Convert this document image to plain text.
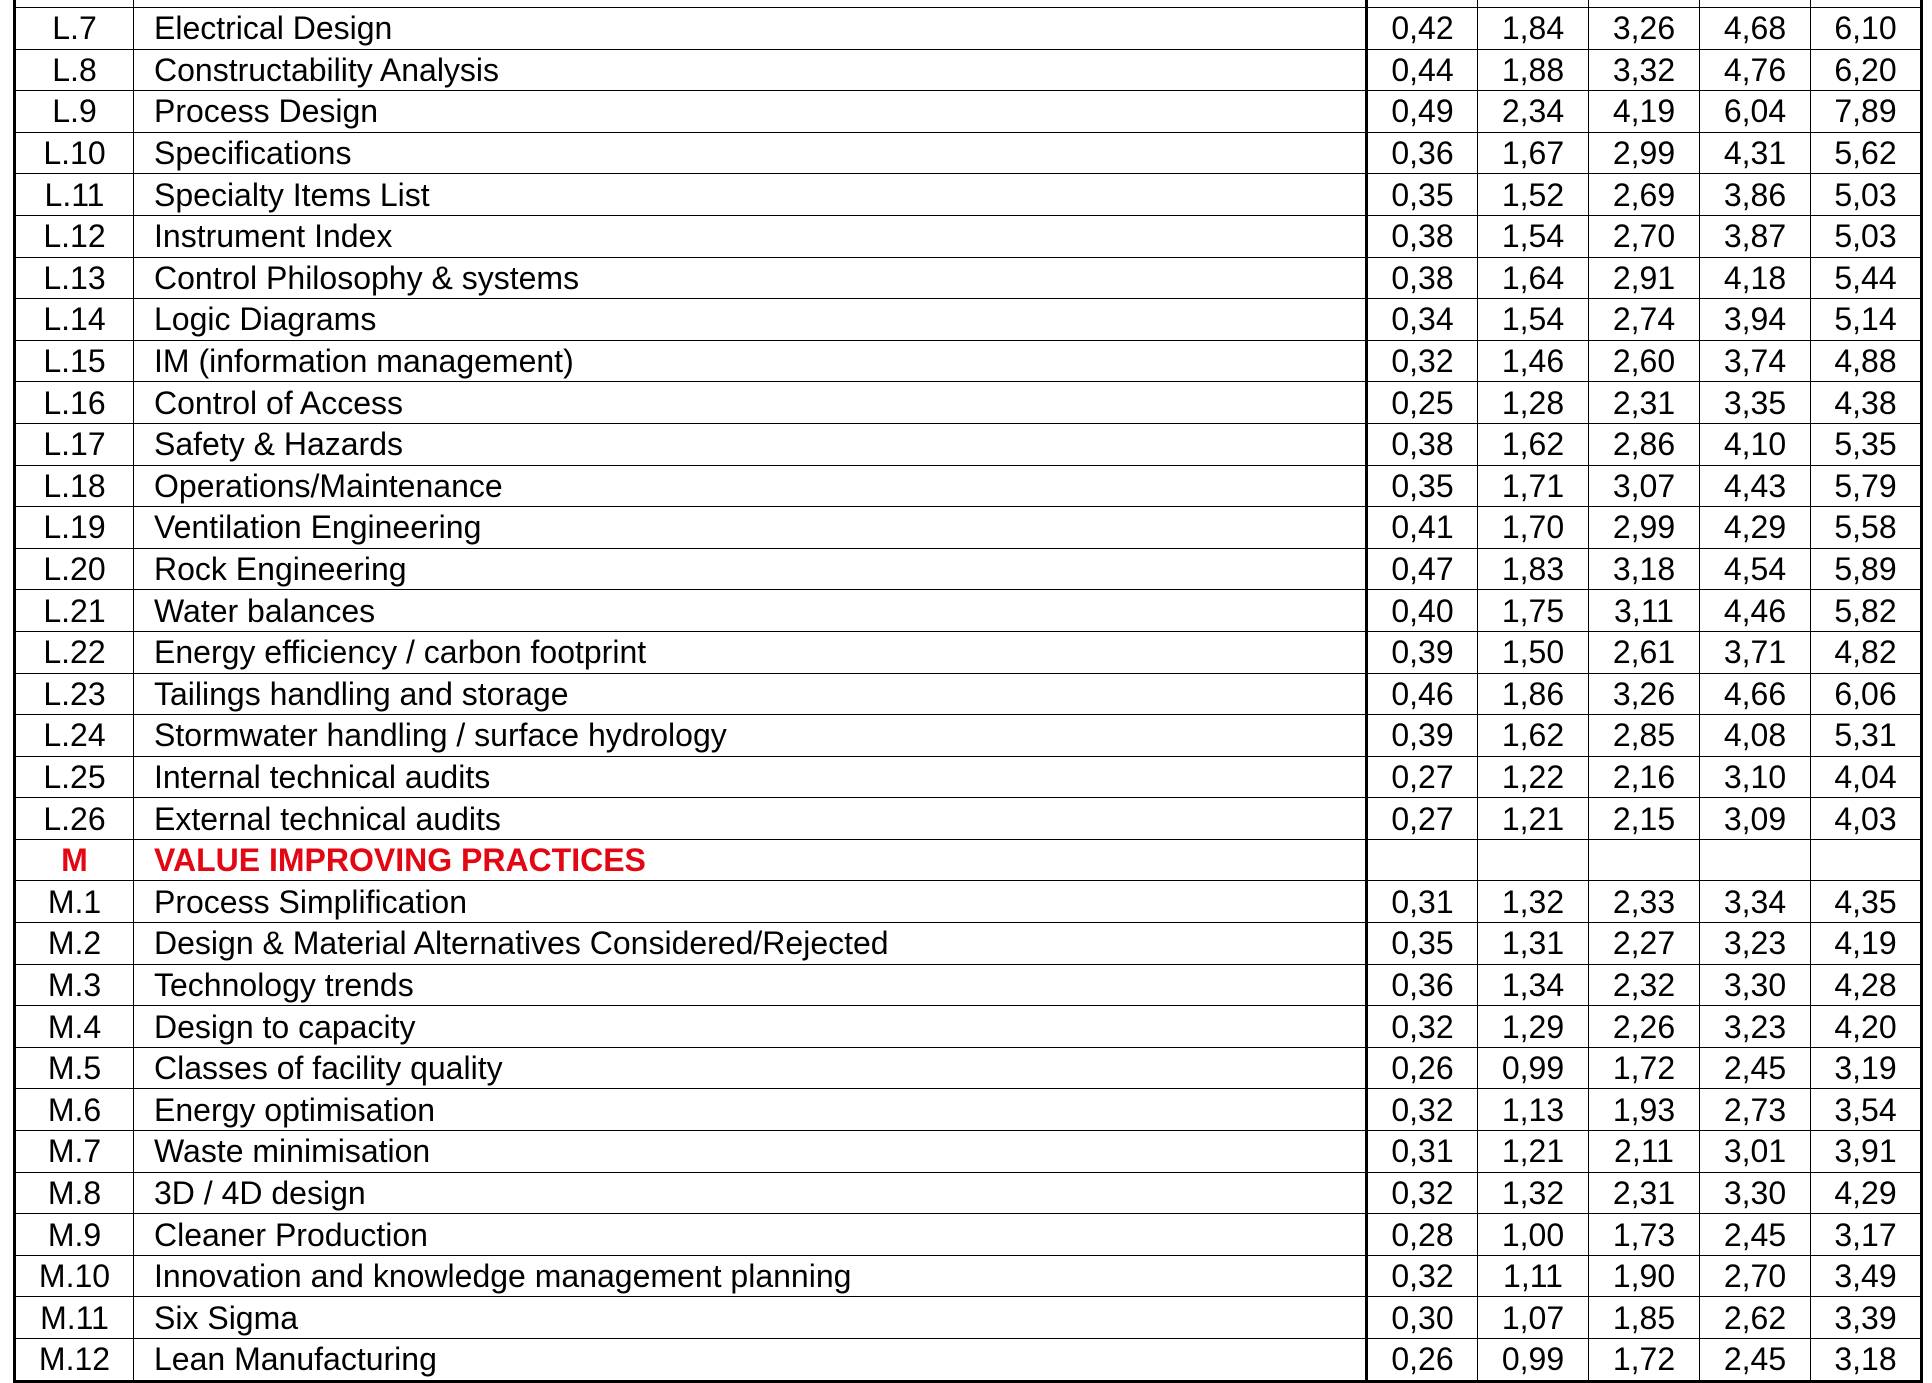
L.7	Electrical Design	0,42	1,84	3,26	4,68	6,10
L.8	Constructability Analysis	0,44	1,88	3,32	4,76	6,20
L.9	Process Design	0,49	2,34	4,19	6,04	7,89
L.10	Specifications	0,36	1,67	2,99	4,31	5,62
L.11	Specialty Items List	0,35	1,52	2,69	3,86	5,03
L.12	Instrument Index	0,38	1,54	2,70	3,87	5,03
L.13	Control Philosophy & systems	0,38	1,64	2,91	4,18	5,44
L.14	Logic Diagrams	0,34	1,54	2,74	3,94	5,14
L.15	IM (information management)	0,32	1,46	2,60	3,74	4,88
L.16	Control of Access	0,25	1,28	2,31	3,35	4,38
L.17	Safety & Hazards	0,38	1,62	2,86	4,10	5,35
L.18	Operations/Maintenance	0,35	1,71	3,07	4,43	5,79
L.19	Ventilation Engineering	0,41	1,70	2,99	4,29	5,58
L.20	Rock Engineering	0,47	1,83	3,18	4,54	5,89
L.21	Water balances	0,40	1,75	3,11	4,46	5,82
L.22	Energy efficiency / carbon footprint	0,39	1,50	2,61	3,71	4,82
L.23	Tailings handling and storage	0,46	1,86	3,26	4,66	6,06
L.24	Stormwater handling / surface hydrology	0,39	1,62	2,85	4,08	5,31
L.25	Internal technical audits	0,27	1,22	2,16	3,10	4,04
L.26	External technical audits	0,27	1,21	2,15	3,09	4,03
M	VALUE IMPROVING PRACTICES					
M.1	Process Simplification	0,31	1,32	2,33	3,34	4,35
M.2	Design & Material Alternatives Considered/Rejected	0,35	1,31	2,27	3,23	4,19
M.3	Technology trends	0,36	1,34	2,32	3,30	4,28
M.4	Design to capacity	0,32	1,29	2,26	3,23	4,20
M.5	Classes of facility quality	0,26	0,99	1,72	2,45	3,19
M.6	Energy optimisation	0,32	1,13	1,93	2,73	3,54
M.7	Waste minimisation	0,31	1,21	2,11	3,01	3,91
M.8	3D / 4D design	0,32	1,32	2,31	3,30	4,29
M.9	Cleaner Production	0,28	1,00	1,73	2,45	3,17
M.10	Innovation and knowledge management planning	0,32	1,11	1,90	2,70	3,49
M.11	Six Sigma	0,30	1,07	1,85	2,62	3,39
M.12	Lean Manufacturing	0,26	0,99	1,72	2,45	3,18
